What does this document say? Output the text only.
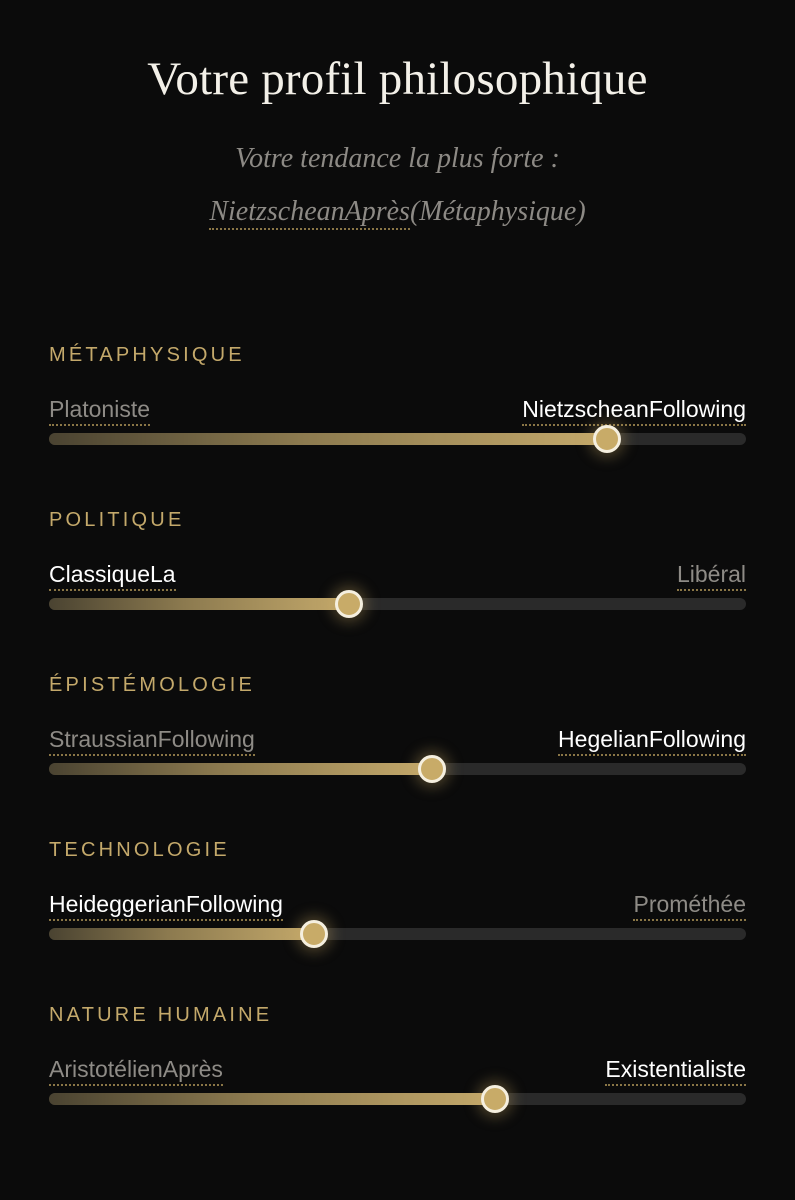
Votre profil philosophique

Votre tendance la plus forte :

NietzscheanAprès(Métaphysique)

MÉTAPHYSIQUE
Platoniste	NietzscheanFollowing
POLITIQUE
ClassiqueLa	Libéral
ÉPISTÉMOLOGIE
StraussianFollowing	HegelianFollowing
TECHNOLOGIE
HeideggerianFollowing	Prométhée
NATURE HUMAINE
AristotélienAprès	Existentialiste
